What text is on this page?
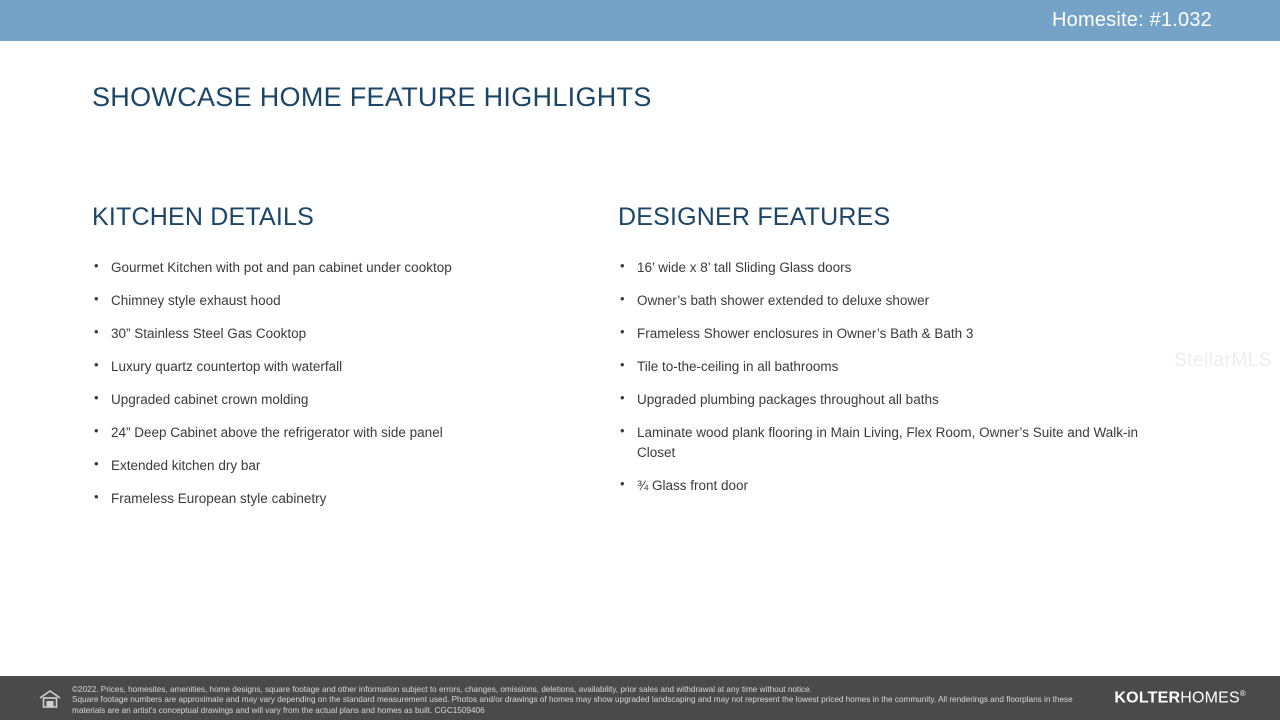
Homesite: #1.032
SHOWCASE HOME FEATURE HIGHLIGHTS
KITCHEN DETAILS
• Gourmet Kitchen with pot and pan cabinet under cooktop
• Chimney style exhaust hood
• 30” Stainless Steel Gas Cooktop
• Luxury quartz countertop with waterfall
• Upgraded cabinet crown molding
• 24” Deep Cabinet above the refrigerator with side panel
• Extended kitchen dry bar
• Frameless European style cabinetry
DESIGNER FEATURES
• 16’ wide x 8’ tall Sliding Glass doors
• Owner’s bath shower extended to deluxe shower
• Frameless Shower enclosures in Owner’s Bath & Bath 3
• Tile to-the-ceiling in all bathrooms
• Upgraded plumbing packages throughout all baths
• Laminate wood plank flooring in Main Living, Flex Room, Owner’s Suite and Walk-in Closet
• ¾ Glass front door
StellarMLS
©2022. Prices, homesites, amenities, home designs, square footage and other information subject to errors, changes, omissions, deletions, availability, prior sales and withdrawal at any time without notice.
Square footage numbers are approximate and may vary depending on the standard measurement used. Photos and/or drawings of homes may show upgraded landscaping and may not represent the lowest priced homes in the community. All renderings and floorplans in these materials are an artist’s conceptual drawings and will vary from the actual plans and homes as built. CGC1509406
KOLTERHOMES®
